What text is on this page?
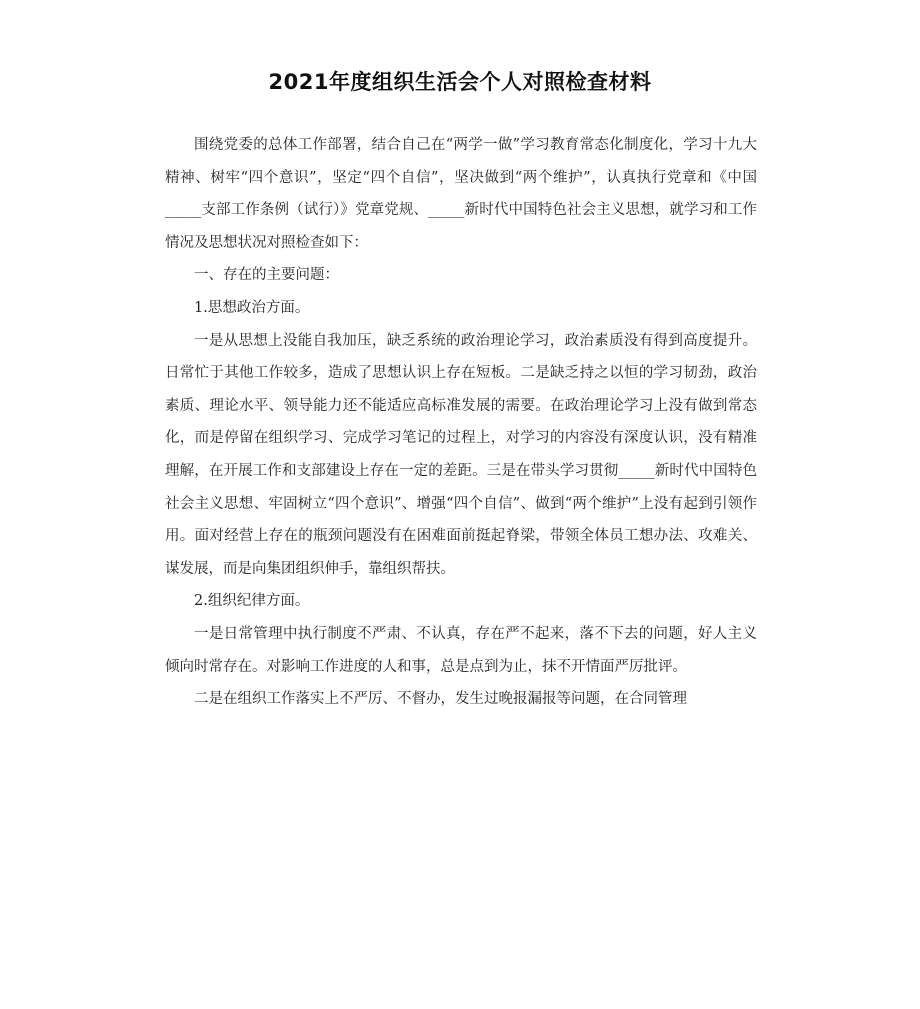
2021年度组织生活会个人对照检查材料

围绕党委的总体工作部署，结合自己在“两学一做”学习教育常态化制度化，学习十九大精神、树牢“四个意识”，坚定“四个自信”，坚决做到“两个维护”，认真执行党章和《中国_____支部工作条例（试行）》党章党规、_____新时代中国特色社会主义思想，就学习和工作情况及思想状况对照检查如下：

一、存在的主要问题：

1.思想政治方面。

一是从思想上没能自我加压，缺乏系统的政治理论学习，政治素质没有得到高度提升。日常忙于其他工作较多，造成了思想认识上存在短板。二是缺乏持之以恒的学习韧劲，政治素质、理论水平、领导能力还不能适应高标准发展的需要。在政治理论学习上没有做到常态化，而是停留在组织学习、完成学习笔记的过程上，对学习的内容没有深度认识，没有精准理解，在开展工作和支部建设上存在一定的差距。三是在带头学习贯彻_____新时代中国特色社会主义思想、牢固树立“四个意识”、增强“四个自信”、做到“两个维护”上没有起到引领作用。面对经营上存在的瓶颈问题没有在困难面前挺起脊梁，带领全体员工想办法、攻难关、谋发展，而是向集团组织伸手，靠组织帮扶。

2.组织纪律方面。

一是日常管理中执行制度不严肃、不认真，存在严不起来，落不下去的问题，好人主义倾向时常存在。对影响工作进度的人和事，总是点到为止，抹不开情面严厉批评。

二是在组织工作落实上不严厉、不督办，发生过晚报漏报等问题，在合同管理
